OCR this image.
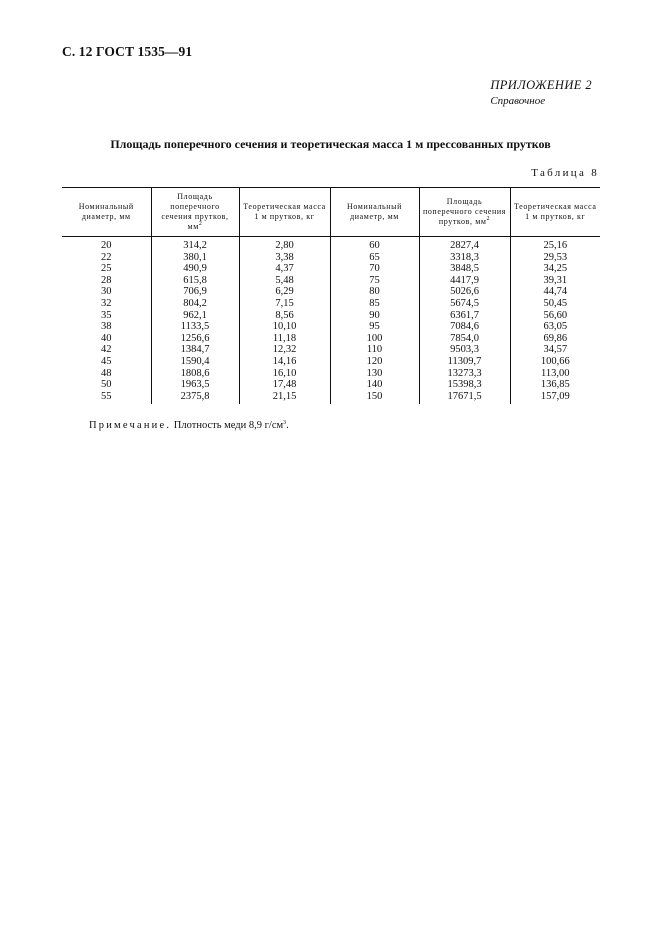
С. 12 ГОСТ 1535—91
ПРИЛОЖЕНИЕ 2
Справочное
Площадь поперечного сечения и теоретическая масса 1 м прессованных прутков
Таблица 8
Номинальный диаметр, мм	Площадь поперечного сечения прутков, $мм^2$	Теоретическая масса 1 м прутков, кг	Номинальный диаметр, мм	Площадь поперечного сечения прутков, $мм^2$	Теоретическая масса 1 м прутков, кг
20	314,2	2,80	60	2827,4	25,16
22	380,1	3,38	65	3318,3	29,53
25	490,9	4,37	70	3848,5	34,25
28	615,8	5,48	75	4417,9	39,31
30	706,9	6,29	80	5026,6	44,74
32	804,2	7,15	85	5674,5	50,45
35	962,1	8,56	90	6361,7	56,60
38	1133,5	10,10	95	7084,6	63,05
40	1256,6	11,18	100	7854,0	69,86
42	1384,7	12,32	110	9503,3	34,57
45	1590,4	14,16	120	11309,7	100,66
48	1808,6	16,10	130	13273,3	113,00
50	1963,5	17,48	140	15398,3	136,85
55	2375,8	21,15	150	17671,5	157,09
Примечание. Плотность меди 8,9 $г/см^3$.
